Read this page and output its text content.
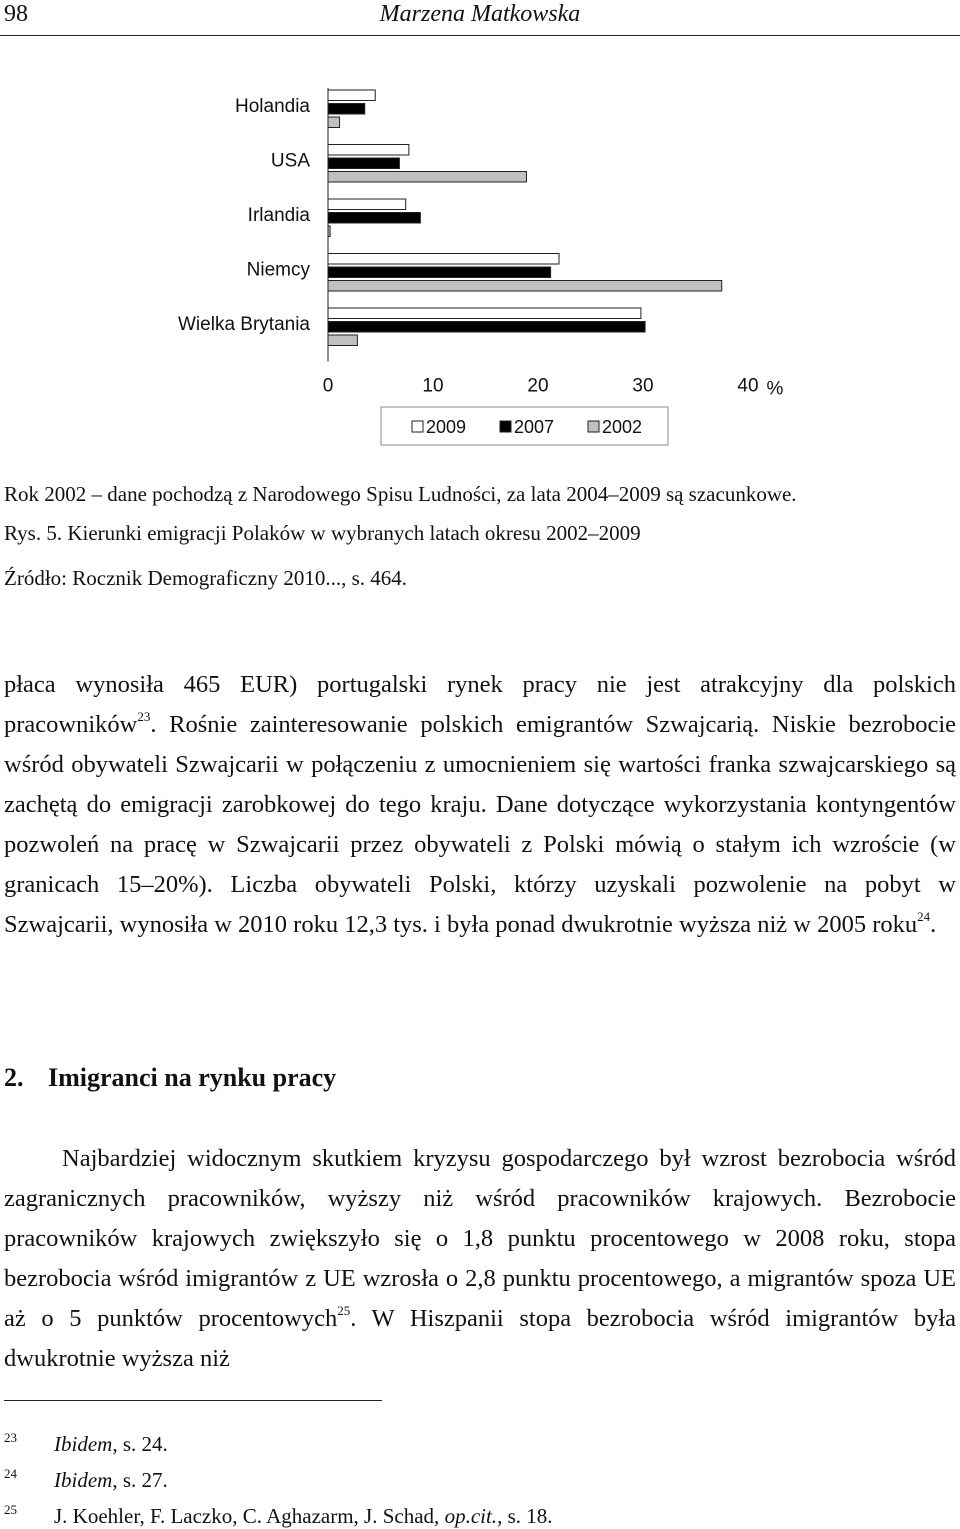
98	Marzena Matkowska
Holandia
USA
Irlandia
Niemcy
Wielka Brytania
0	10	20	30	40 %
2009	2007	2002
Rok 2002 – dane pochodzą z Narodowego Spisu Ludności, za lata 2004–2009 są szacunkowe.
Rys. 5. Kierunki emigracji Polaków w wybranych latach okresu 2002–2009
Źródło: Rocznik Demograficzny 2010..., s. 464.

płaca wynosiła 465 EUR) portugalski rynek pracy nie jest atrakcyjny dla polskich pracowników$^{23}$. Rośnie zainteresowanie polskich emigrantów Szwajcarią. Niskie bezrobocie wśród obywateli Szwajcarii w połączeniu z umocnieniem się wartości franka szwajcarskiego są zachętą do emigracji zarobkowej do tego kraju. Dane dotyczące wykorzystania kontyngentów pozwoleń na pracę w Szwajcarii przez obywateli z Polski mówią o stałym ich wzroście (w granicach 15–20%). Liczba obywateli Polski, którzy uzyskali pozwolenie na pobyt w Szwajcarii, wynosiła w 2010 roku 12,3 tys. i była ponad dwukrotnie wyższa niż w 2005 roku$^{24}$.

2. Imigranci na rynku pracy

Najbardziej widocznym skutkiem kryzysu gospodarczego był wzrost bezrobocia wśród zagranicznych pracowników, wyższy niż wśród pracowników krajowych. Bezrobocie pracowników krajowych zwiększyło się o 1,8 punktu procentowego w 2008 roku, stopa bezrobocia wśród imigrantów z UE wzrosła o 2,8 punktu procentowego, a migrantów spoza UE aż o 5 punktów procentowych$^{25}$. W Hiszpanii stopa bezrobocia wśród imigrantów była dwukrotnie wyższa niż

23 Ibidem, s. 24.
24 Ibidem, s. 27.
25 J. Koehler, F. Laczko, C. Aghazarm, J. Schad, op.cit., s. 18.
